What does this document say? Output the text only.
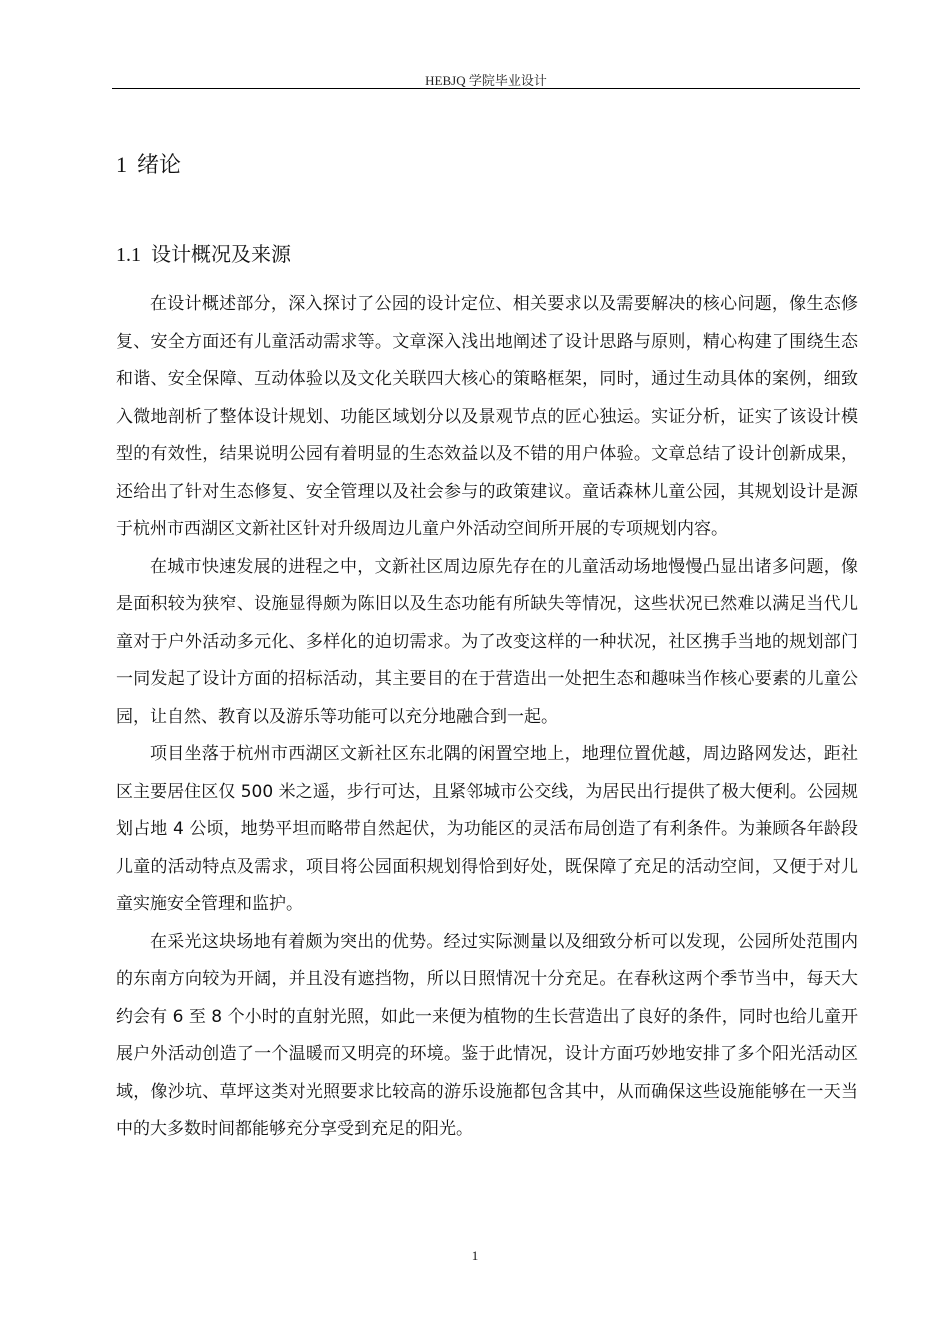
HEBJQ 学院毕业设计
1 绪论
1.1 设计概况及来源

在设计概述部分，深入探讨了公园的设计定位、相关要求以及需要解决的核心问题，像生态修复、安全方面还有儿童活动需求等。文章深入浅出地阐述了设计思路与原则，精心构建了围绕生态和谐、安全保障、互动体验以及文化关联四大核心的策略框架，同时，通过生动具体的案例，细致入微地剖析了整体设计规划、功能区域划分以及景观节点的匠心独运。实证分析，证实了该设计模型的有效性，结果说明公园有着明显的生态效益以及不错的用户体验。文章总结了设计创新成果，还给出了针对生态修复、安全管理以及社会参与的政策建议。童话森林儿童公园，其规划设计是源于杭州市西湖区文新社区针对升级周边儿童户外活动空间所开展的专项规划内容。

在城市快速发展的进程之中，文新社区周边原先存在的儿童活动场地慢慢凸显出诸多问题，像是面积较为狭窄、设施显得颇为陈旧以及生态功能有所缺失等情况，这些状况已然难以满足当代儿童对于户外活动多元化、多样化的迫切需求。为了改变这样的一种状况，社区携手当地的规划部门一同发起了设计方面的招标活动，其主要目的在于营造出一处把生态和趣味当作核心要素的儿童公园，让自然、教育以及游乐等功能可以充分地融合到一起。

项目坐落于杭州市西湖区文新社区东北隅的闲置空地上，地理位置优越，周边路网发达，距社区主要居住区仅 500 米之遥，步行可达，且紧邻城市公交线，为居民出行提供了极大便利。公园规划占地 4 公顷，地势平坦而略带自然起伏，为功能区的灵活布局创造了有利条件。为兼顾各年龄段儿童的活动特点及需求，项目将公园面积规划得恰到好处，既保障了充足的活动空间，又便于对儿童实施安全管理和监护。

在采光这块场地有着颇为突出的优势。经过实际测量以及细致分析可以发现，公园所处范围内的东南方向较为开阔，并且没有遮挡物，所以日照情况十分充足。在春秋这两个季节当中，每天大约会有 6 至 8 个小时的直射光照，如此一来便为植物的生长营造出了良好的条件，同时也给儿童开展户外活动创造了一个温暖而又明亮的环境。鉴于此情况，设计方面巧妙地安排了多个阳光活动区域，像沙坑、草坪这类对光照要求比较高的游乐设施都包含其中，从而确保这些设施能够在一天当中的大多数时间都能够充分享受到充足的阳光。

1
